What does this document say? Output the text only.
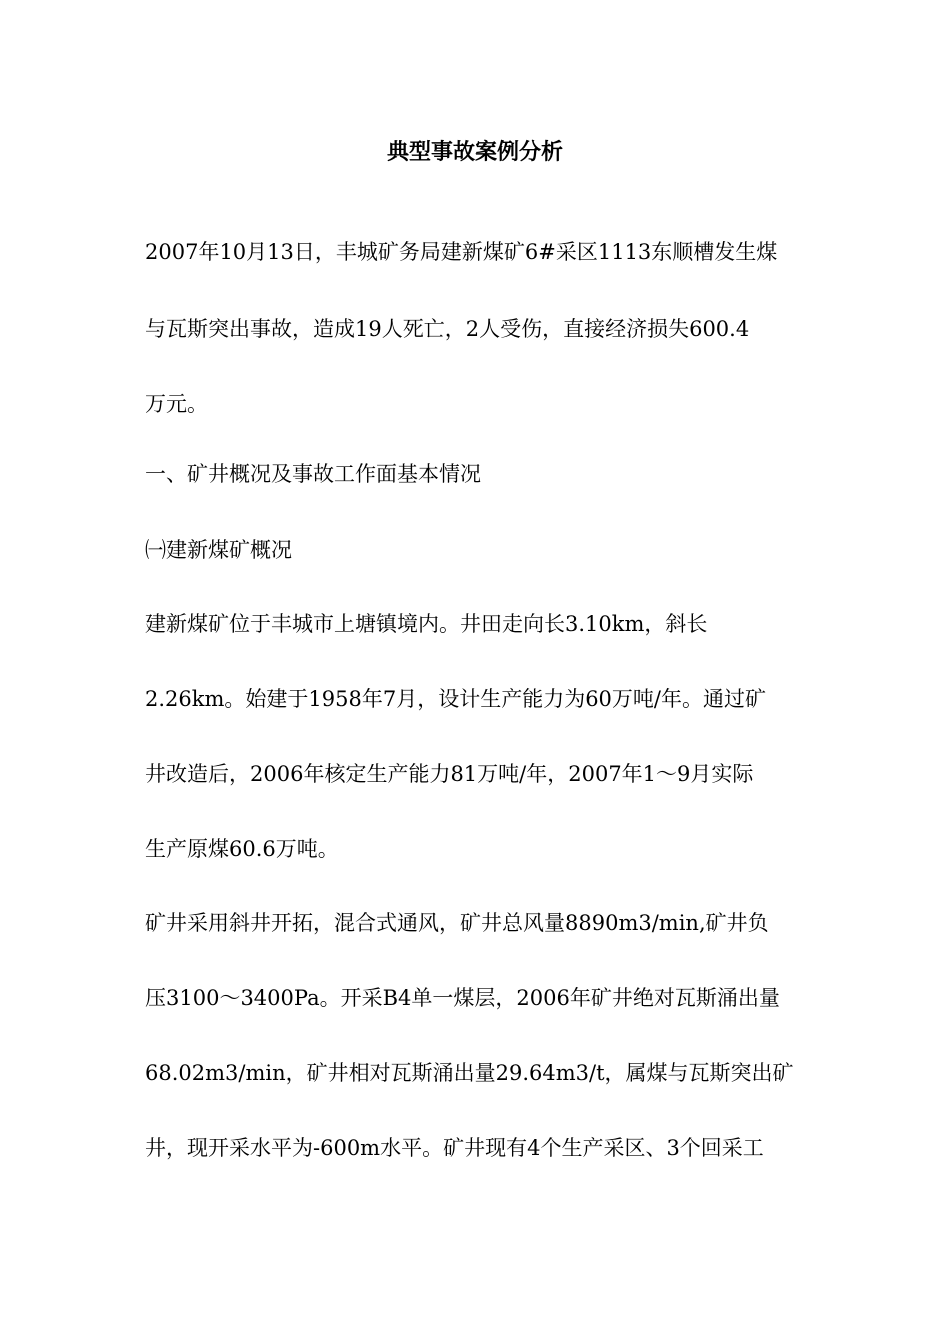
典型事故案例分析
2007年10月13日，丰城矿务局建新煤矿6#采区1113东顺槽发生煤
与瓦斯突出事故，造成19人死亡，2人受伤，直接经济损失600.4
万元。
一、矿井概况及事故工作面基本情况
㈠建新煤矿概况
建新煤矿位于丰城市上塘镇境内。井田走向长3.10km，斜长
2.26km。始建于1958年7月，设计生产能力为60万吨/年。通过矿
井改造后，2006年核定生产能力81万吨/年，2007年1～9月实际
生产原煤60.6万吨。
矿井采用斜井开拓，混合式通风，矿井总风量8890m3/min,矿井负
压3100～3400Pa。开采B4单一煤层，2006年矿井绝对瓦斯涌出量
68.02m3/min，矿井相对瓦斯涌出量29.64m3/t，属煤与瓦斯突出矿
井，现开采水平为-600m水平。矿井现有4个生产采区、3个回采工
